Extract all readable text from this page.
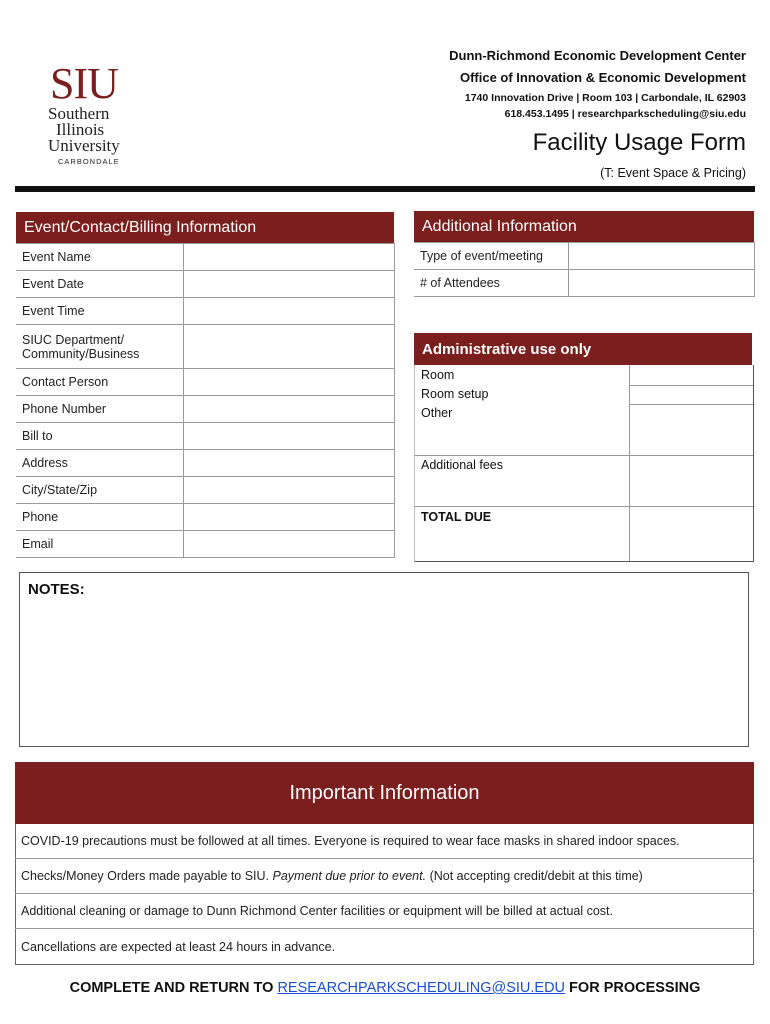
SIU
Southern
Illinois
University
CARBONDALE
Dunn-Richmond Economic Development Center
Office of Innovation & Economic Development
1740 Innovation Drive | Room 103 | Carbondale, IL 62903
618.453.1495 | researchparkscheduling@siu.edu
Facility Usage Form
(T: Event Space & Pricing)
Event/Contact/Billing Information
Event Name	
Event Date	
Event Time	
SIUC Department/
Community/Business	
Contact Person	
Phone Number	
Bill to	
Address	
City/State/Zip	
Phone	
Email	
Additional Information
Type of event/meeting	
# of Attendees	
Administrative use only
Room
Room setup
Other
Additional fees
TOTAL DUE
NOTES:
Important Information
COVID-19 precautions must be followed at all times. Everyone is required to wear face masks in shared indoor spaces.
Checks/Money Orders made payable to SIU.
Payment due prior to event.
(Not accepting credit/debit at this time)
Additional cleaning or damage to Dunn Richmond Center facilities or equipment will be billed at actual cost.
Cancellations are expected at least 24 hours in advance.
COMPLETE AND RETURN TO RESEARCHPARKSCHEDULING@SIU.EDU FOR PROCESSING
